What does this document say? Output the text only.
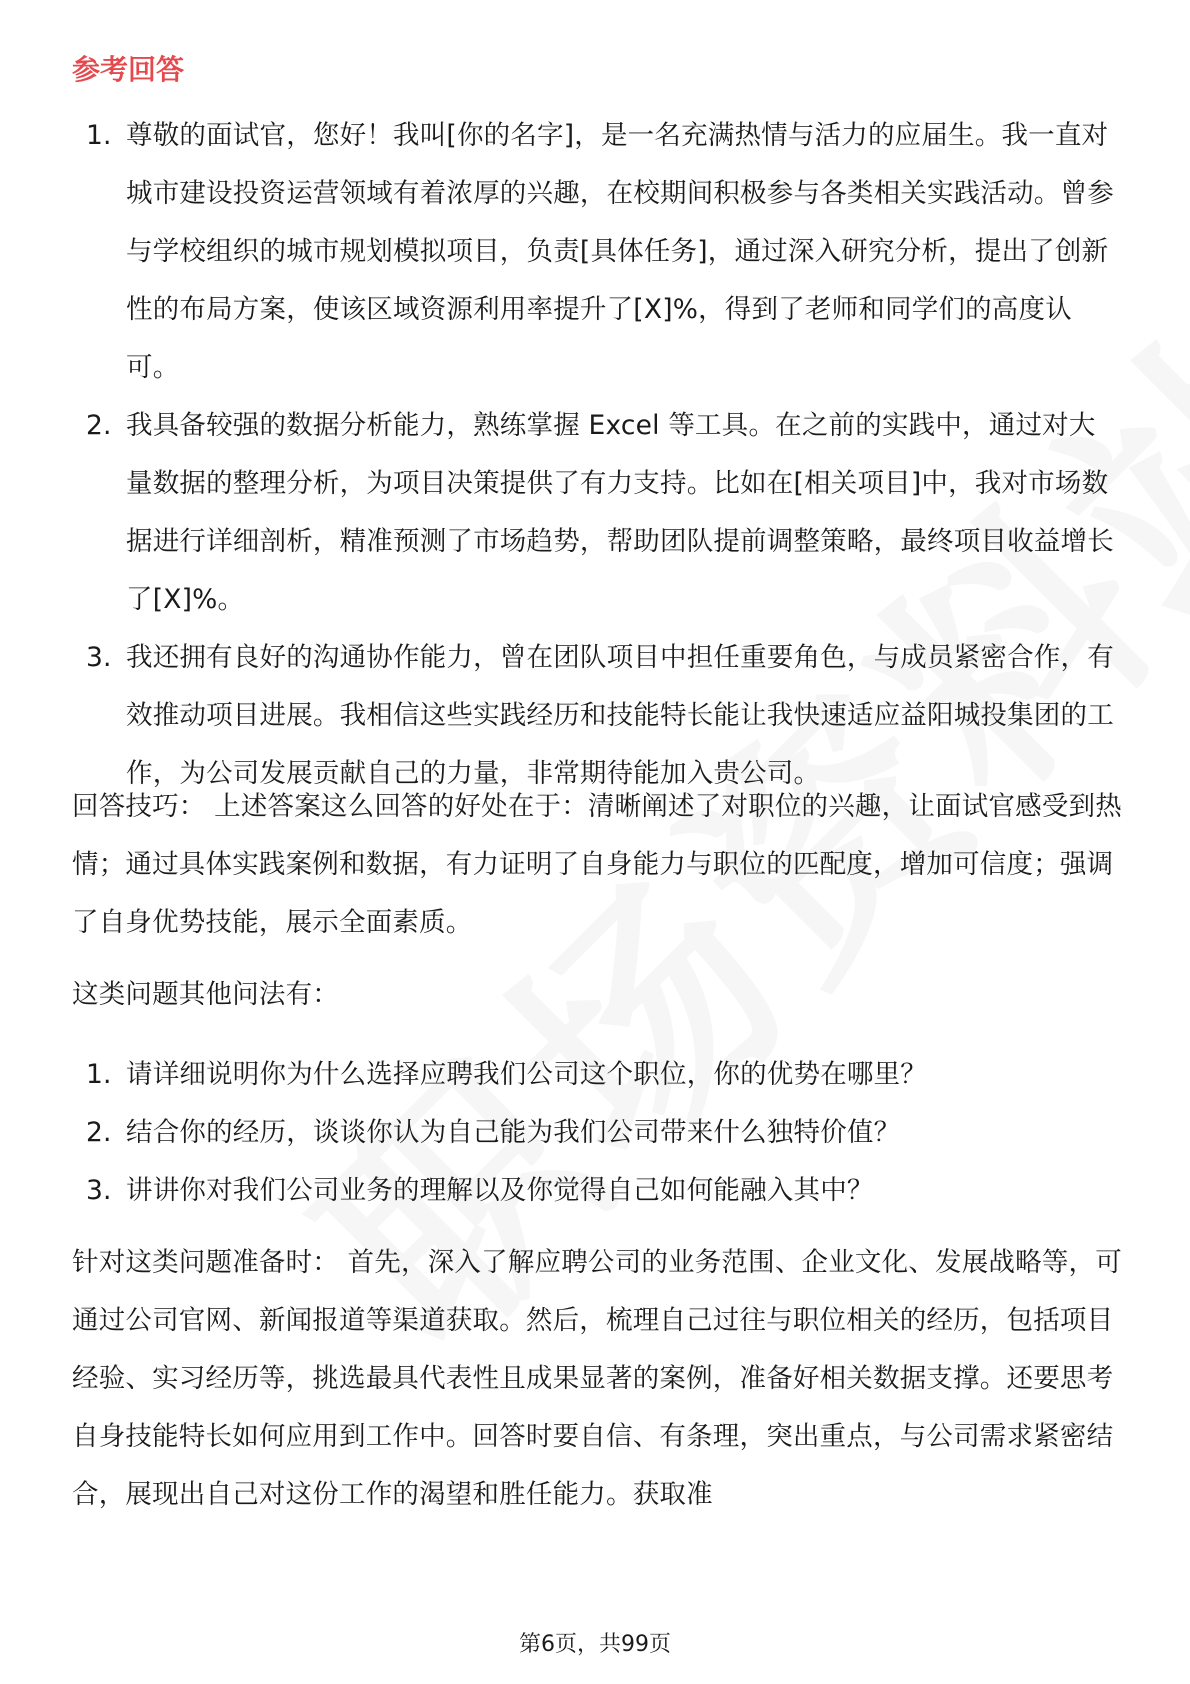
参考回答
1. 尊敬的面试官，您好！我叫[你的名字]，是一名充满热情与活力的应届生。我一直对城市建设投资运营领域有着浓厚的兴趣，在校期间积极参与各类相关实践活动。曾参与学校组织的城市规划模拟项目，负责[具体任务]，通过深入研究分析，提出了创新性的布局方案，使该区域资源利用率提升了[X]%，得到了老师和同学们的高度认可。
2. 我具备较强的数据分析能力，熟练掌握 Excel 等工具。在之前的实践中，通过对大量数据的整理分析，为项目决策提供了有力支持。比如在[相关项目]中，我对市场数据进行详细剖析，精准预测了市场趋势，帮助团队提前调整策略，最终项目收益增长了[X]%。
3. 我还拥有良好的沟通协作能力，曾在团队项目中担任重要角色，与成员紧密合作，有效推动项目进展。我相信这些实践经历和技能特长能让我快速适应益阳城投集团的工作，为公司发展贡献自己的力量，非常期待能加入贵公司。

回答技巧： 上述答案这么回答的好处在于：清晰阐述了对职位的兴趣，让面试官感受到热情；通过具体实践案例和数据，有力证明了自身能力与职位的匹配度，增加可信度；强调了自身优势技能，展示全面素质。

这类问题其他问法有：

1. 请详细说明你为什么选择应聘我们公司这个职位，你的优势在哪里？
2. 结合你的经历，谈谈你认为自己能为我们公司带来什么独特价值？
3. 讲讲你对我们公司业务的理解以及你觉得自己如何能融入其中？

针对这类问题准备时： 首先，深入了解应聘公司的业务范围、企业文化、发展战略等，可通过公司官网、新闻报道等渠道获取。然后，梳理自己过往与职位相关的经历，包括项目经验、实习经历等，挑选最具代表性且成果显著的案例，准备好相关数据支撑。还要思考自身技能特长如何应用到工作中。回答时要自信、有条理，突出重点，与公司需求紧密结合，展现出自己对这份工作的渴望和胜任能力。获取准

第6页，共99页
